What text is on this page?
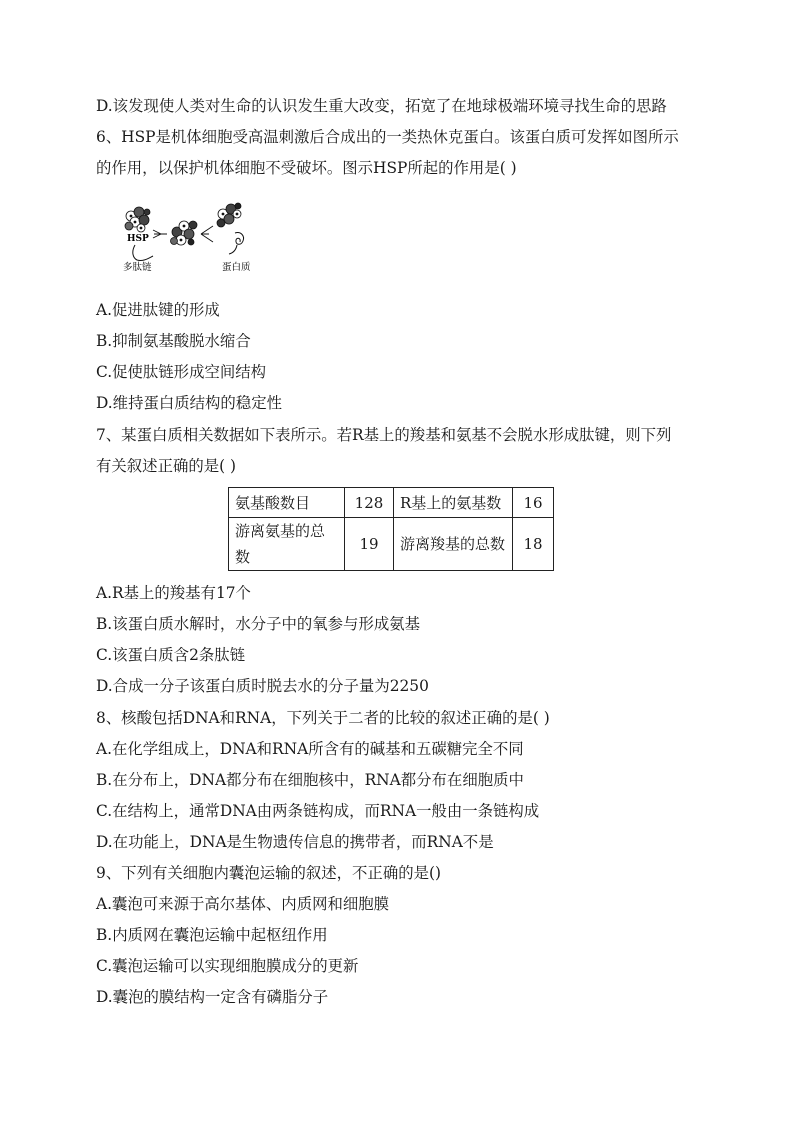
D.该发现使人类对生命的认识发生重大改变，拓宽了在地球极端环境寻找生命的思路
6、HSP是机体细胞受高温刺激后合成出的一类热休克蛋白。该蛋白质可发挥如图所示
的作用，以保护机体细胞不受破坏。图示HSP所起的作用是( )
HSP
多肽链	蛋白质
A.促进肽键的形成
B.抑制氨基酸脱水缩合
C.促使肽链形成空间结构
D.维持蛋白质结构的稳定性
7、某蛋白质相关数据如下表所示。若R基上的羧基和氨基不会脱水形成肽键，则下列
有关叙述正确的是( )
氨基酸数目	128	R基上的氨基数	16
游离氨基的总数	19	游离羧基的总数	18
A.R基上的羧基有17个
B.该蛋白质水解时，水分子中的氧参与形成氨基
C.该蛋白质含2条肽链
D.合成一分子该蛋白质时脱去水的分子量为2250
8、核酸包括DNA和RNA，下列关于二者的比较的叙述正确的是( )
A.在化学组成上，DNA和RNA所含有的碱基和五碳糖完全不同
B.在分布上，DNA都分布在细胞核中，RNA都分布在细胞质中
C.在结构上，通常DNA由两条链构成，而RNA一般由一条链构成
D.在功能上，DNA是生物遗传信息的携带者，而RNA不是
9、下列有关细胞内囊泡运输的叙述，不正确的是()
A.囊泡可来源于高尔基体、内质网和细胞膜
B.内质网在囊泡运输中起枢纽作用
C.囊泡运输可以实现细胞膜成分的更新
D.囊泡的膜结构一定含有磷脂分子
